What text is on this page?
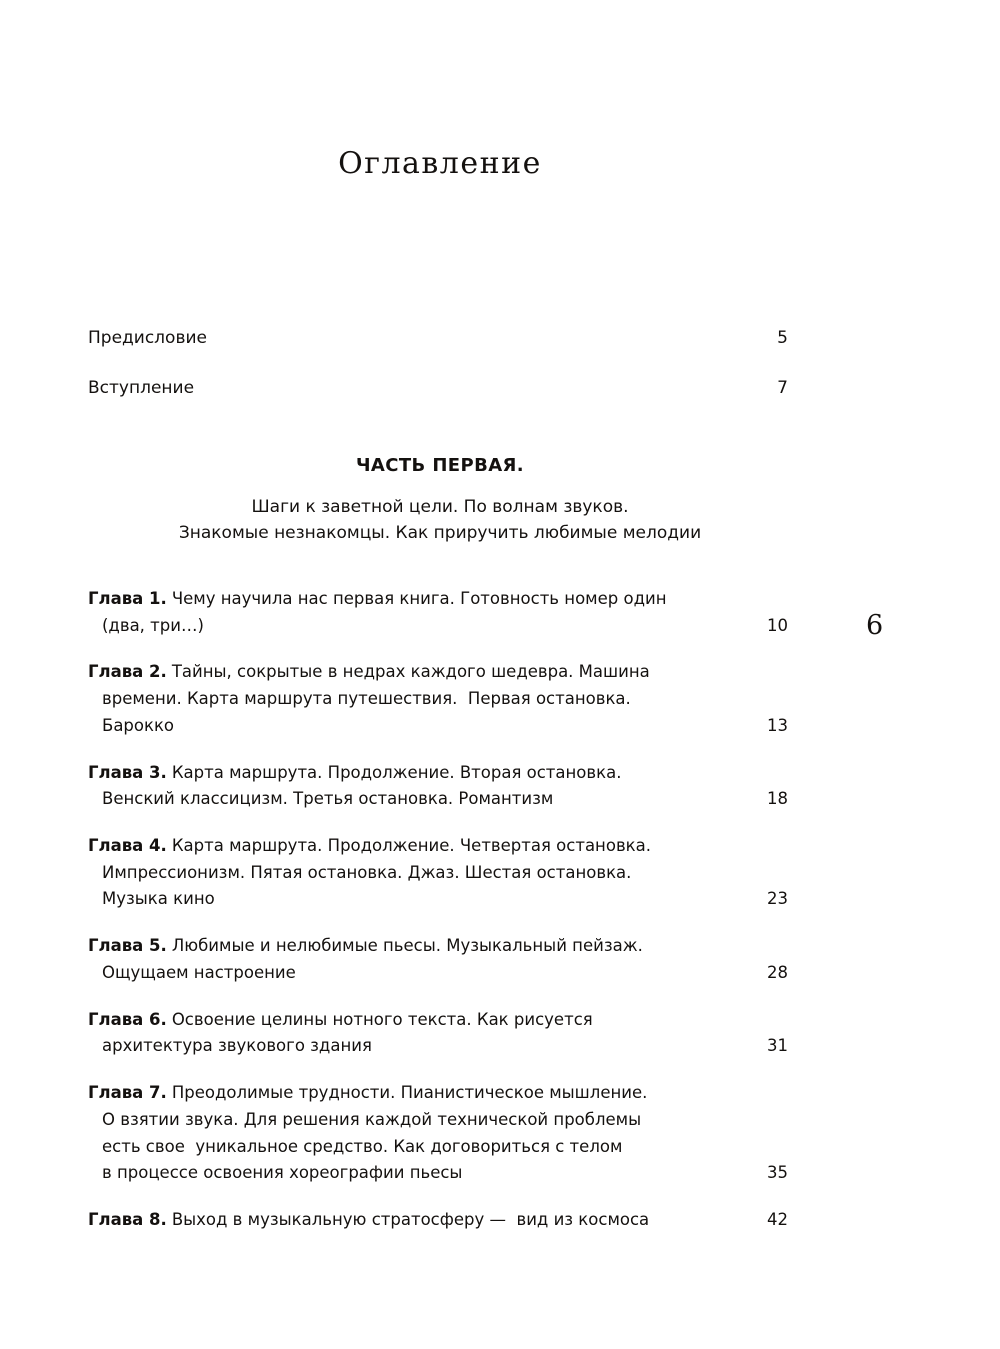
Оглавление
Предисловие . . .	5
Вступление . . .	7
ЧАСТЬ ПЕРВАЯ.
Шаги к заветной цели. По волнам звуков.
Знакомые незнакомцы. Как приручить любимые мелодии
Глава 1. Чему научила нас первая книга. Готовность номер один
(два, три…) . . .	10
Глава 2. Тайны, сокрытые в недрах каждого шедевра. Машина
времени. Карта маршрута путешествия.  Первая остановка.
Барокко . . .	13
Глава 3. Карта маршрута. Продолжение. Вторая остановка.
Венский классицизм. Третья остановка. Романтизм . . .	18
Глава 4. Карта маршрута. Продолжение. Четвертая остановка.
Импрессионизм. Пятая остановка. Джаз. Шестая остановка.
Музыка кино . . .	23
Глава 5. Любимые и нелюбимые пьесы. Музыкальный пейзаж.
Ощущаем настроение . . .	28
Глава 6. Освоение целины нотного текста. Как рисуется
архитектура звукового здания . . .	31
Глава 7. Преодолимые трудности. Пианистическое мышление.
О взятии звука. Для решения каждой технической проблемы
есть свое  уникальное средство. Как договориться с телом
в процессе освоения хореографии пьесы . . .	35
Глава 8. Выход в музыкальную стратосферу —  вид из космоса . . .	42
6
